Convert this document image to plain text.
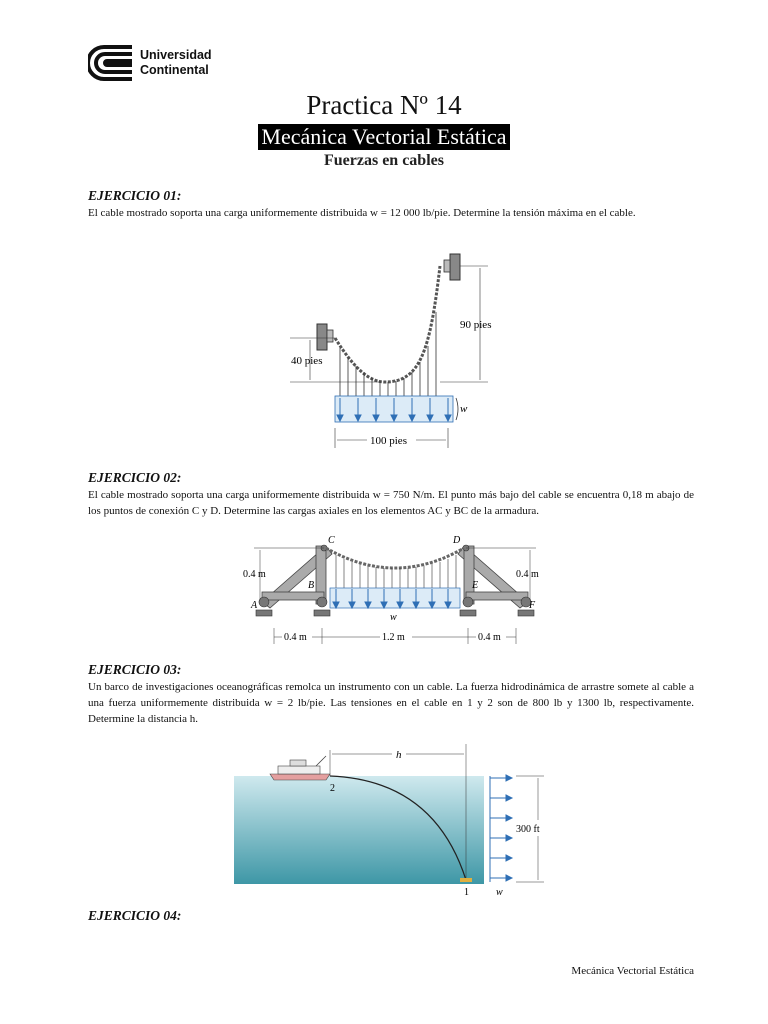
Universidad
Continental
Practica Nº 14
Mecánica Vectorial Estática
Fuerzas en cables
EJERCICIO 01:
El cable mostrado soporta una carga uniformemente distribuida w = 12 000 lb/pie. Determine la tensión máxima en el cable.
w
40 pies
90 pies
100 pies
EJERCICIO 02:
El cable mostrado soporta una carga uniformemente distribuida w = 750 N/m. El punto más bajo del cable se encuentra 0,18 m abajo de los puntos de conexión C y D. Determine las cargas axiales en los elementos AC y BC de la armadura.
w
C	D
B	E
A	F
0.4 m	0.4 m
0.4 m	1.2 m	0.4 m
EJERCICIO 03:
Un barco de investigaciones oceanográficas remolca un instrumento con un cable. La fuerza hidrodinámica de arrastre somete al cable a una fuerza uniformemente distribuida w = 2 lb/pie. Las tensiones en el cable en 1 y 2 son de 800 lb y 1300 lb, respectivamente. Determine la distancia h.
h
300 ft
2
1	w
EJERCICIO 04:
Mecánica Vectorial Estática
